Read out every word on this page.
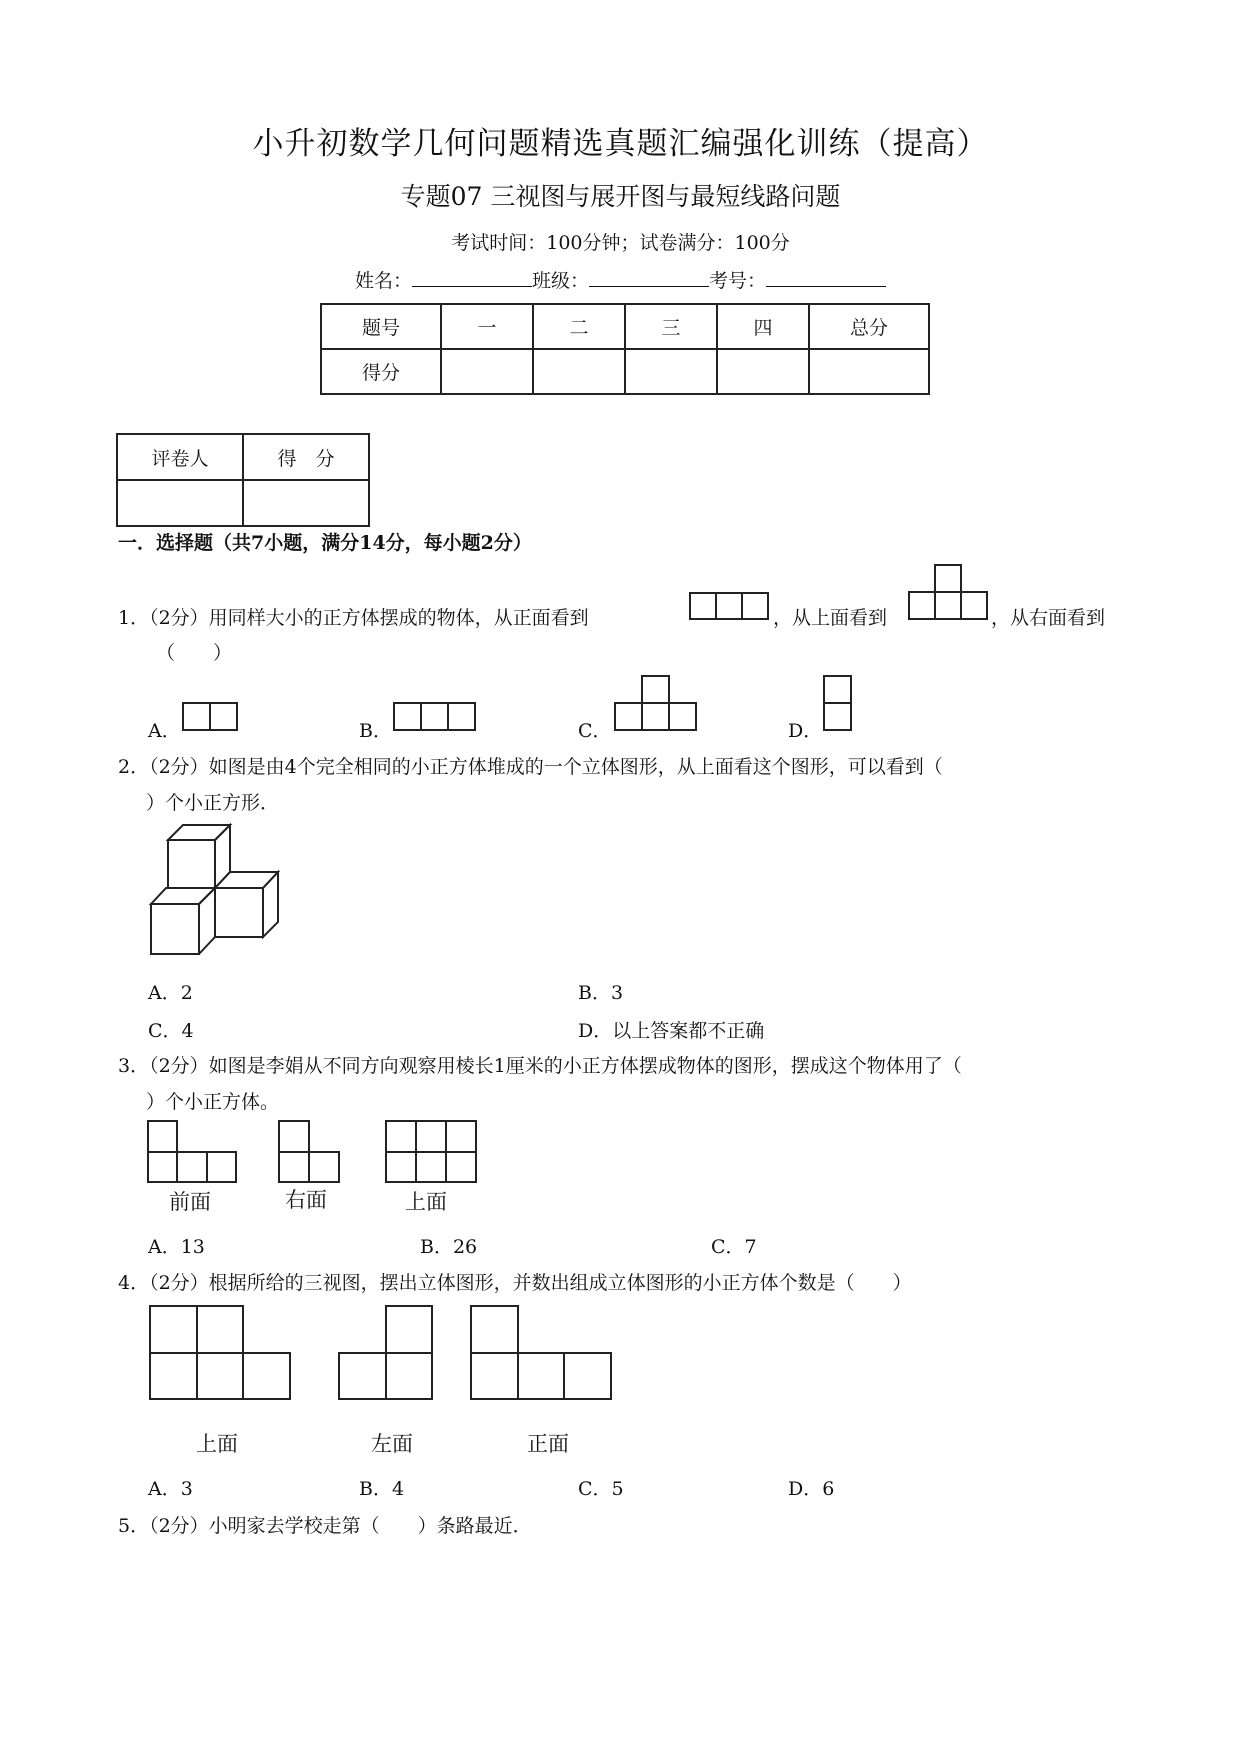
小升初数学几何问题精选真题汇编强化训练（提高）
专题07 三视图与展开图与最短线路问题
考试时间：100分钟；试卷满分：100分
姓名：	班级：	考号：
题号	一	二	三	四	总分
得分					
评卷人	得　分

一．选择题（共7小题，满分14分，每小题2分）
1．（2分）用同样大小的正方体摆成的物体，从正面看到	，从上面看到	，从右面看到
（　　）
A．	B．	C．	D．
2．（2分）如图是由4个完全相同的小正方体堆成的一个立体图形，从上面看这个图形，可以看到（
）个小正方形．
A．2	B．3
C．4	D．以上答案都不正确
3．（2分）如图是李娟从不同方向观察用棱长1厘米的小正方体摆成物体的图形，摆成这个物体用了（
）个小正方体。
前面	右面	上面
A．13	B．26	C．7
4．（2分）根据所给的三视图，摆出立体图形，并数出组成立体图形的小正方体个数是（　　）
上面	左面	正面
A．3	B．4	C．5	D．6
5．（2分）小明家去学校走第（　　）条路最近．
